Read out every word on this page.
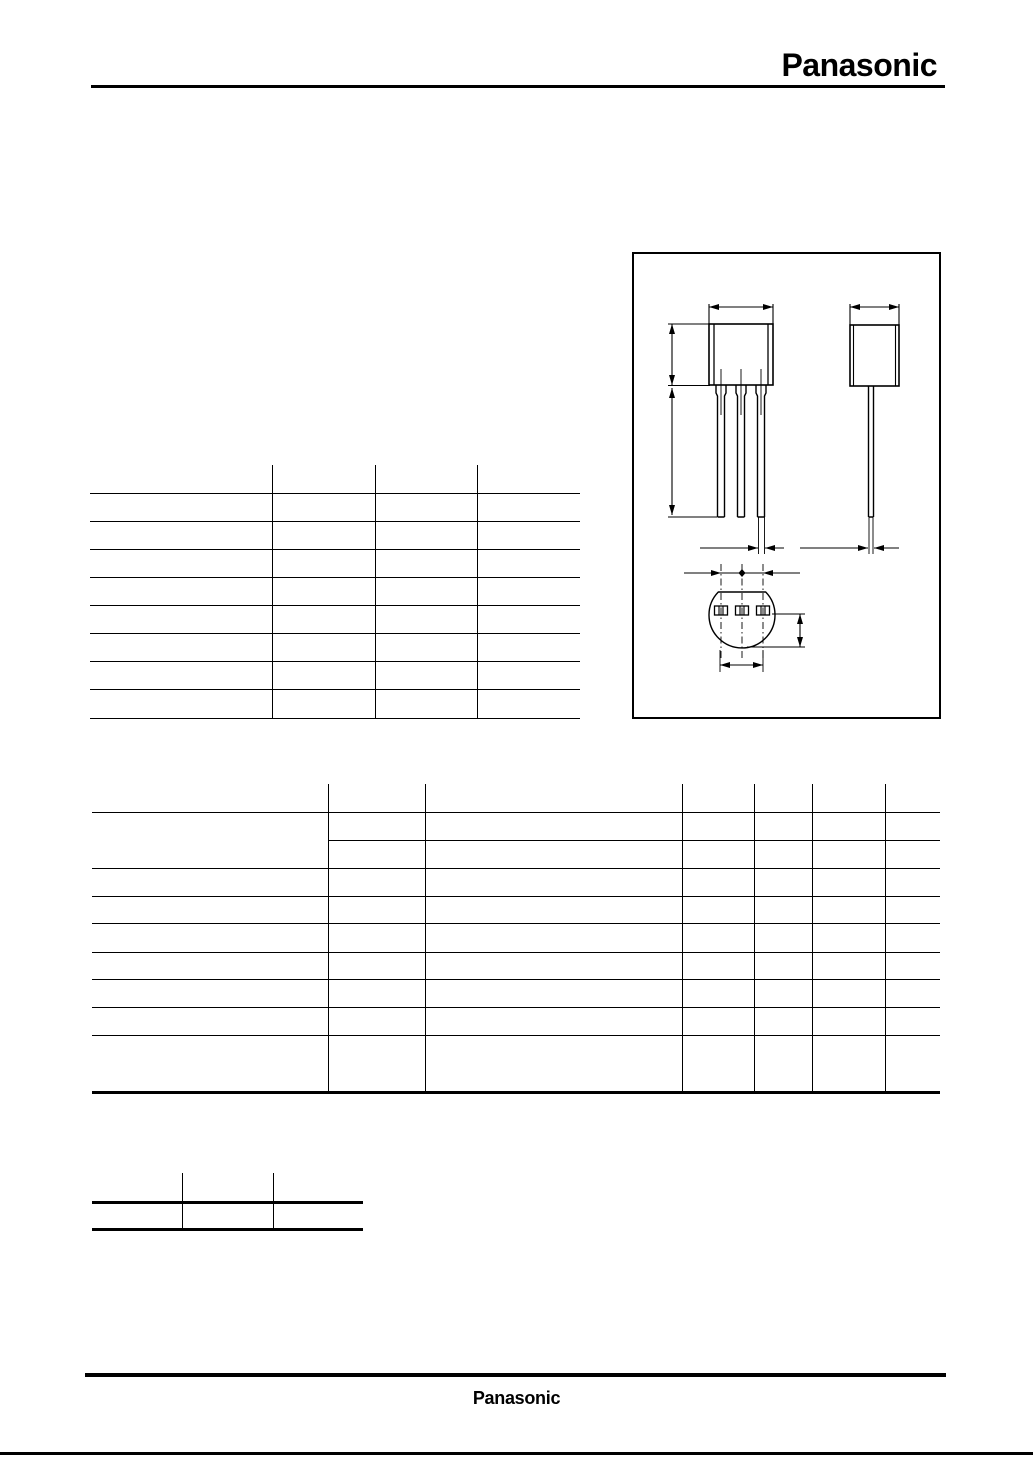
Panasonic

Panasonic
